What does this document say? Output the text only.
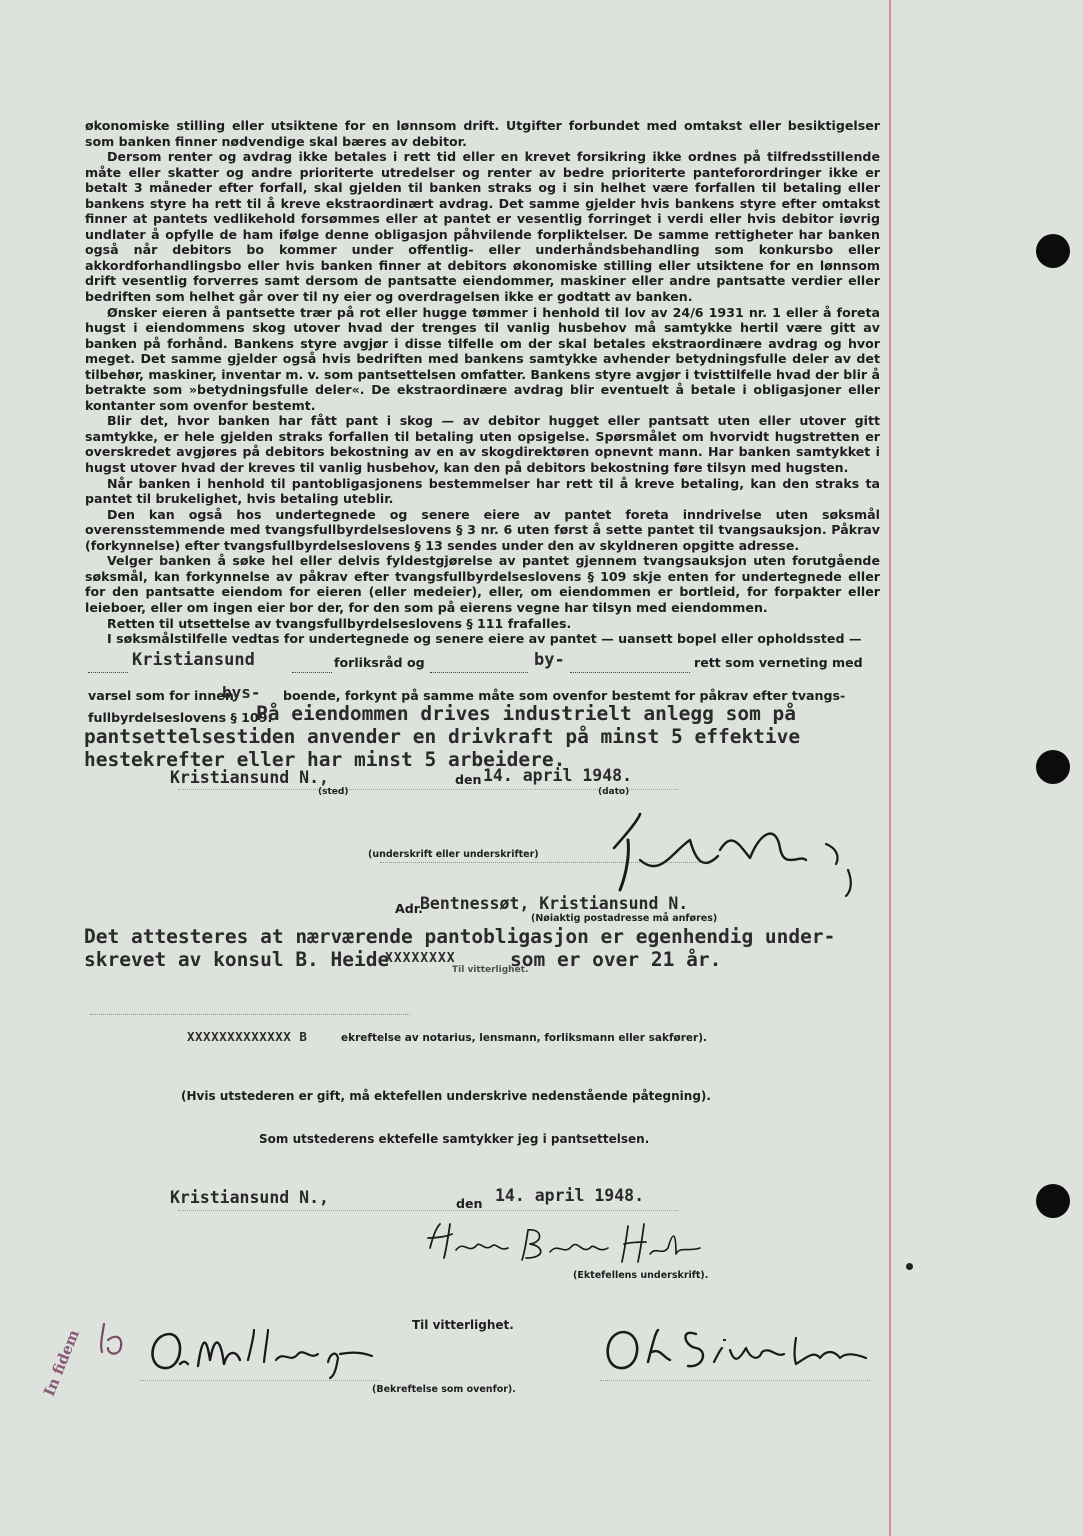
økonomiske stilling eller utsiktene for en lønnsom drift. Utgifter forbundet med omtakst eller besiktigelser som banken finner nødvendige skal bæres av debitor.

Dersom renter og avdrag ikke betales i rett tid eller en krevet forsikring ikke ordnes på tilfredsstillende måte eller skatter og andre prioriterte utredelser og renter av bedre prioriterte panteforordringer ikke er betalt 3 måneder efter forfall, skal gjelden til banken straks og i sin helhet være forfallen til betaling eller bankens styre ha rett til å kreve ekstraordinært avdrag. Det samme gjelder hvis bankens styre efter omtakst finner at pantets vedlikehold forsømmes eller at pantet er vesentlig forringet i verdi eller hvis debitor iøvrig undlater å opfylle de ham ifølge denne obligasjon påhvilende forpliktelser. De samme rettigheter har banken også når debitors bo kommer under offentlig- eller underhåndsbehandling som konkursbo eller akkordforhandlingsbo eller hvis banken finner at debitors økonomiske stilling eller utsiktene for en lønnsom drift vesentlig forverres samt dersom de pantsatte eiendommer, maskiner eller andre pantsatte verdier eller bedriften som helhet går over til ny eier og overdragelsen ikke er godtatt av banken.

Ønsker eieren å pantsette trær på rot eller hugge tømmer i henhold til lov av 24/6 1931 nr. 1 eller å foreta hugst i eiendommens skog utover hvad der trenges til vanlig husbehov må samtykke hertil være gitt av banken på forhånd. Bankens styre avgjør i disse tilfelle om der skal betales ekstraordinære avdrag og hvor meget. Det samme gjelder også hvis bedriften med bankens samtykke avhender betydningsfulle deler av det tilbehør, maskiner, inventar m. v. som pantsettelsen omfatter. Bankens styre avgjør i tvisttilfelle hvad der blir å betrakte som »betydningsfulle deler«. De ekstraordinære avdrag blir eventuelt å betale i obligasjoner eller kontanter som ovenfor bestemt.

Blir det, hvor banken har fått pant i skog — av debitor hugget eller pantsatt uten eller utover gitt samtykke, er hele gjelden straks forfallen til betaling uten opsigelse. Spørsmålet om hvorvidt hugstretten er overskredet avgjøres på debitors bekostning av en av skogdirektøren opnevnt mann. Har banken samtykket i hugst utover hvad der kreves til vanlig husbehov, kan den på debitors bekostning føre tilsyn med hugsten.

Når banken i henhold til pantobligasjonens bestemmelser har rett til å kreve betaling, kan den straks ta pantet til brukelighet, hvis betaling uteblir.

Den kan også hos undertegnede og senere eiere av pantet foreta inndrivelse uten søksmål overensstemmende med tvangsfullbyrdelseslovens § 3 nr. 6 uten først å sette pantet til tvangsauksjon. Påkrav (forkynnelse) efter tvangsfullbyrdelseslovens § 13 sendes under den av skyldneren opgitte adresse.

Velger banken å søke hel eller delvis fyldestgjørelse av pantet gjennem tvangsauksjon uten forutgående søksmål, kan forkynnelse av påkrav efter tvangsfullbyrdelseslovens § 109 skje enten for undertegnede eller for den pantsatte eiendom for eieren (eller medeier), eller, om eiendommen er bortleid, for forpakter eller leieboer, eller om ingen eier bor der, for den som på eierens vegne har tilsyn med eiendommen.

Retten til utsettelse av tvangsfullbyrdelseslovens § 111 frafalles.

I søksmålstilfelle vedtas for undertegnede og senere eiere av pantet — uansett bopel eller opholdssted —

Kristiansund	forliksråd og	by-	rett som verneting med
varsel som for innen
bys- boende, forkynt på samme måte som ovenfor bestemt for påkrav efter tvangs-
fullbyrdelseslovens § 109.
På eiendommen drives industrielt anlegg som på
pantsettelsestiden anvender en drivkraft på minst 5 effektive
hestekrefter eller har minst 5 arbeidere.
Kristiansund N.,
(sted)
den 14. april 1948.
(dato)
(underskrift eller underskrifter)
Adr.
Bentnessøt, Kristiansund N.
(Nøiaktig postadresse må anføres)
Det attesteres at nærværende pantobligasjon er egenhendig under-
skrevet av konsul B. Heide
XXXXXXXX
Til vitterlighet.
som er over 21 år.
XXXXXXXXXXXXX B	ekreftelse av notarius, lensmann, forliksmann eller sakfører).
(Hvis utstederen er gift, må ektefellen underskrive nedenstående påtegning).
Som utstederens ektefelle samtykker jeg i pantsettelsen.
Kristiansund N.,	den 14. april 1948.
(Ektefellens underskrift).
Til vitterlighet.
(Bekreftelse som ovenfor).
In fidem
